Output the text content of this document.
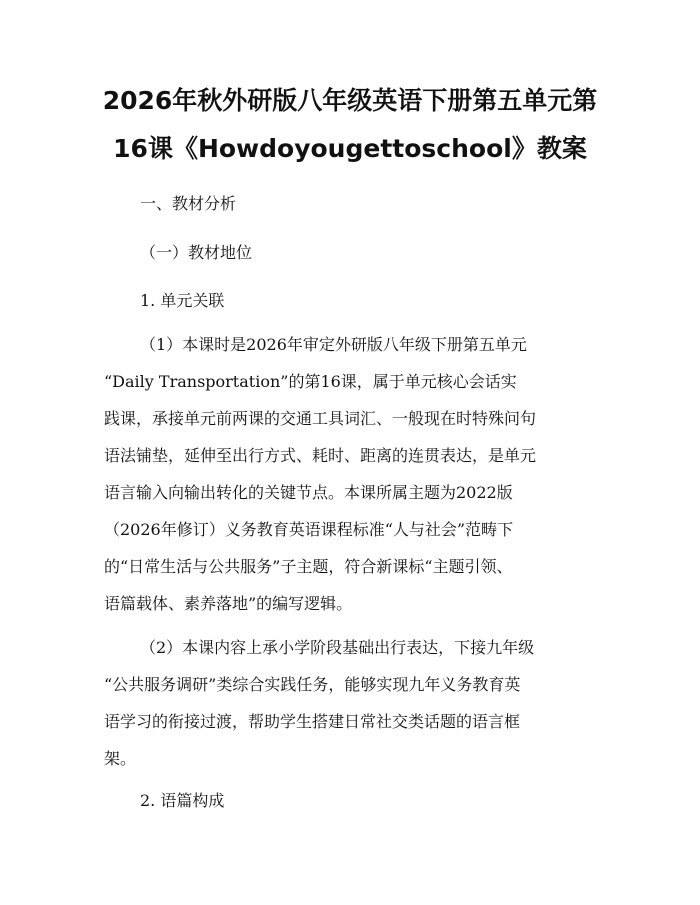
2026年秋外研版八年级英语下册第五单元第
16课《Howdoyougettoschool》教案
一、教材分析
（一）教材地位
1. 单元关联
（1）本课时是2026年审定外研版八年级下册第五单元
“Daily Transportation”的第16课，属于单元核心会话实
践课，承接单元前两课的交通工具词汇、一般现在时特殊问句
语法铺垫，延伸至出行方式、耗时、距离的连贯表达，是单元
语言输入向输出转化的关键节点。本课所属主题为2022版
（2026年修订）义务教育英语课程标准“人与社会”范畴下
的“日常生活与公共服务”子主题，符合新课标“主题引领、
语篇载体、素养落地”的编写逻辑。
（2）本课内容上承小学阶段基础出行表达，下接九年级
“公共服务调研”类综合实践任务，能够实现九年义务教育英
语学习的衔接过渡，帮助学生搭建日常社交类话题的语言框
架。
2. 语篇构成
